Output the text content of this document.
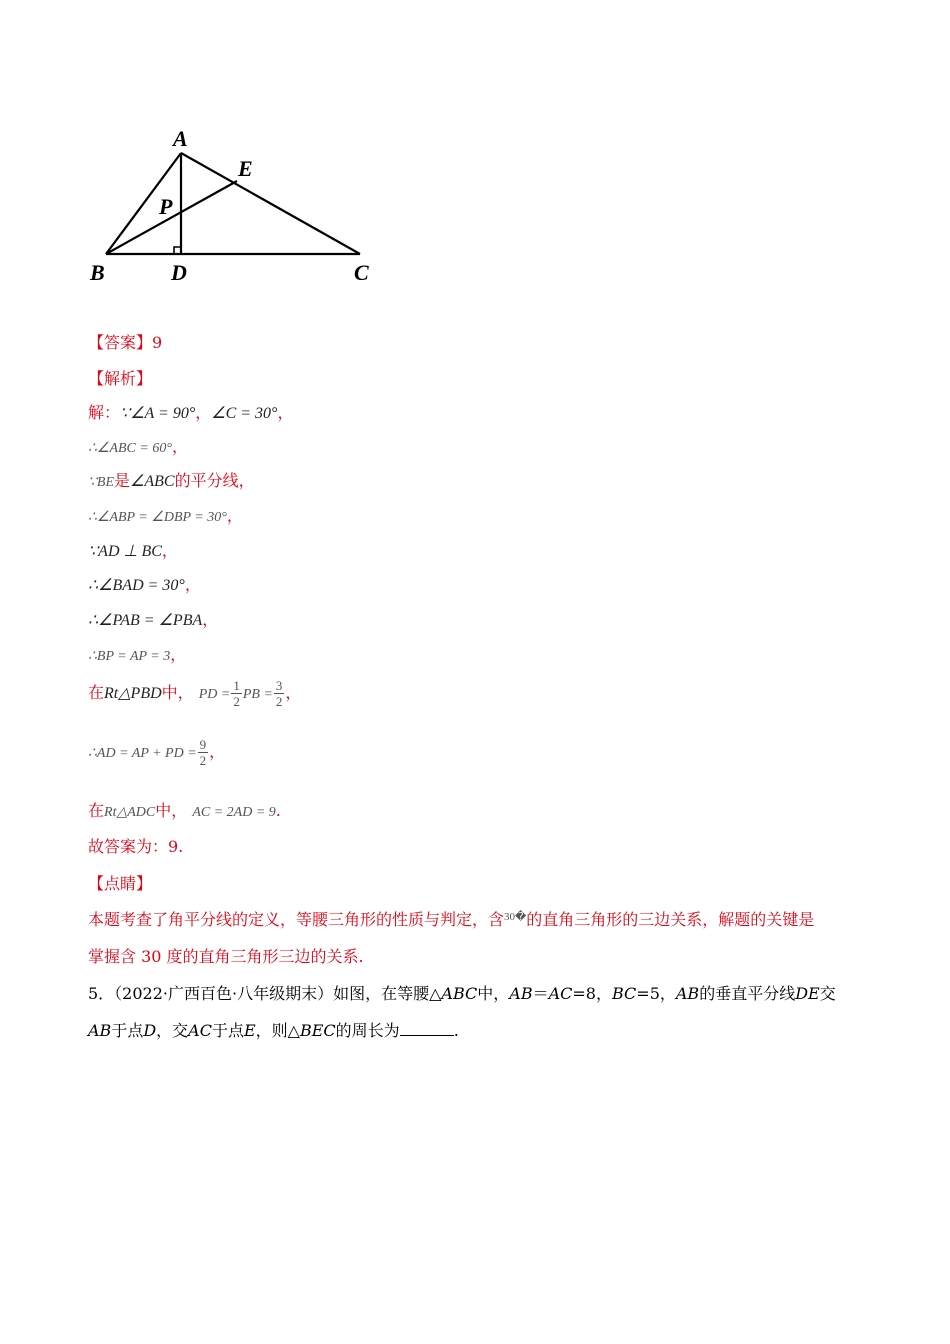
A
B	C
D
E
P
【答案】9
【解析】
解：∵∠A = 90°，∠C = 30°，
∴∠ABC = 60°，
∵BE是∠ABC的平分线，
∴∠ABP = ∠DBP = 30°，
∵AD ⊥ BC，
∴∠BAD = 30°，
∴∠PAB = ∠PBA，
∴BP = AP = 3，
在Rt△PBD中， PD = $\frac{1}{2}$ PB = $\frac{3}{2}$ ，
∴AD = AP + PD = $\frac{9}{2}$ ，
在Rt△ADC中， AC = 2AD = 9.
故答案为：9.
【点睛】
本题考查了角平分线的定义，等腰三角形的性质与判定，含$^{30�}$的直角三角形的三边关系，解题的关键是
掌握含 30 度的直角三角形三边的关系.
5．（2022·广西百色·八年级期末）如图，在等腰△ABC中，AB＝AC=8，BC=5，AB的垂直平分线DE交
AB于点D，交AC于点E，则△BEC的周长为	.
